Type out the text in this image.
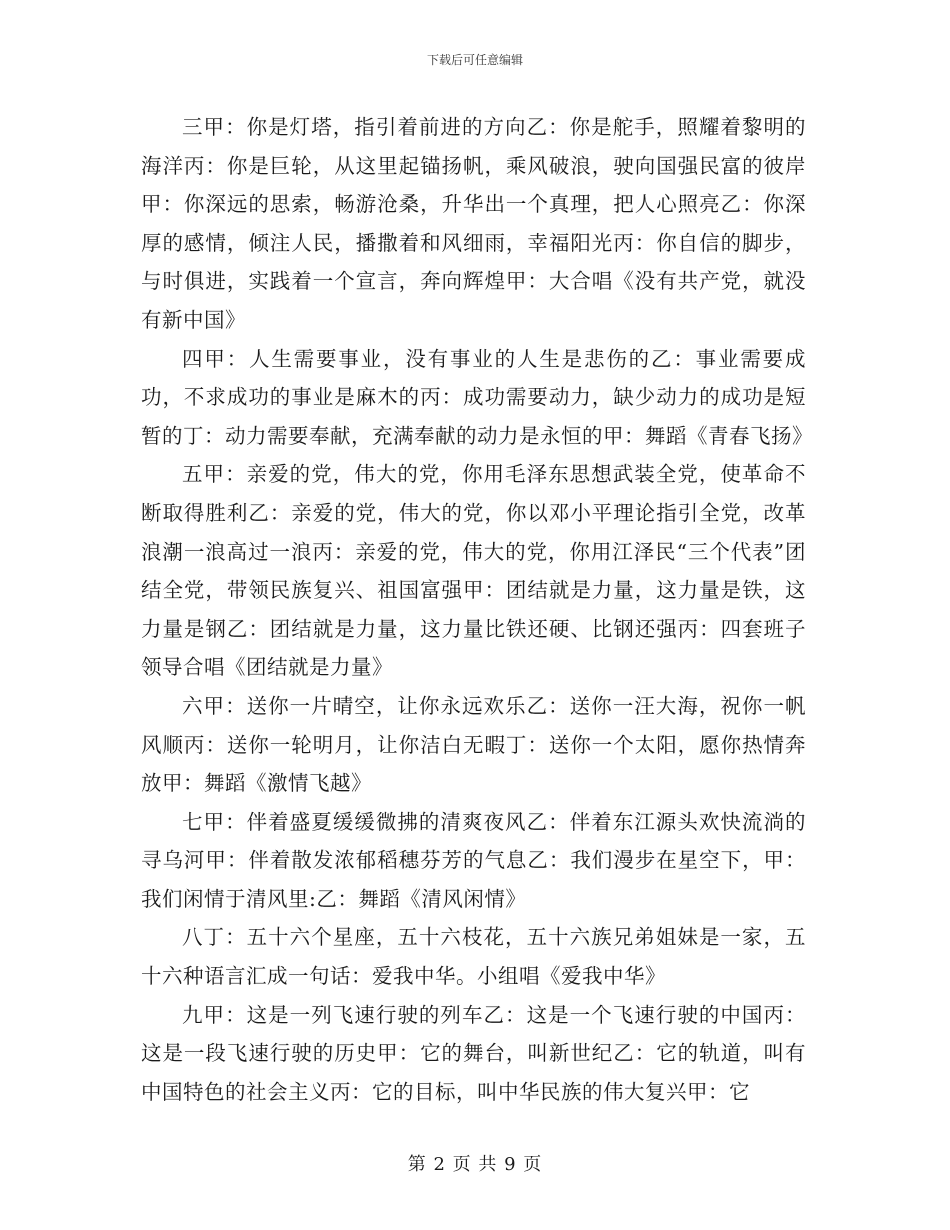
下载后可任意编辑

三甲：你是灯塔，指引着前进的方向乙：你是舵手，照耀着黎明的海洋丙：你是巨轮，从这里起锚扬帆，乘风破浪，驶向国强民富的彼岸甲：你深远的思索，畅游沧桑，升华出一个真理，把人心照亮乙：你深厚的感情，倾注人民，播撒着和风细雨，幸福阳光丙：你自信的脚步，与时俱进，实践着一个宣言，奔向辉煌甲：大合唱《没有共产党，就没有新中国》

四甲：人生需要事业，没有事业的人生是悲伤的乙：事业需要成功，不求成功的事业是麻木的丙：成功需要动力，缺少动力的成功是短暂的丁：动力需要奉献，充满奉献的动力是永恒的甲：舞蹈《青春飞扬》

五甲：亲爱的党，伟大的党，你用毛泽东思想武装全党，使革命不断取得胜利乙：亲爱的党，伟大的党，你以邓小平理论指引全党，改革浪潮一浪高过一浪丙：亲爱的党，伟大的党，你用江泽民“三个代表”团结全党，带领民族复兴、祖国富强甲：团结就是力量，这力量是铁，这力量是钢乙：团结就是力量，这力量比铁还硬、比钢还强丙：四套班子领导合唱《团结就是力量》

六甲：送你一片晴空，让你永远欢乐乙：送你一汪大海，祝你一帆风顺丙：送你一轮明月，让你洁白无暇丁：送你一个太阳，愿你热情奔放甲：舞蹈《激情飞越》

七甲：伴着盛夏缓缓微拂的清爽夜风乙：伴着东江源头欢快流淌的寻乌河甲：伴着散发浓郁稻穗芬芳的气息乙：我们漫步在星空下，甲：我们闲情于清风里:乙：舞蹈《清风闲情》

八丁：五十六个星座，五十六枝花，五十六族兄弟姐妹是一家，五十六种语言汇成一句话：爱我中华。小组唱《爱我中华》

九甲：这是一列飞速行驶的列车乙：这是一个飞速行驶的中国丙：这是一段飞速行驶的历史甲：它的舞台，叫新世纪乙：它的轨道，叫有中国特色的社会主义丙：它的目标，叫中华民族的伟大复兴甲：它

第 2 页 共 9 页
